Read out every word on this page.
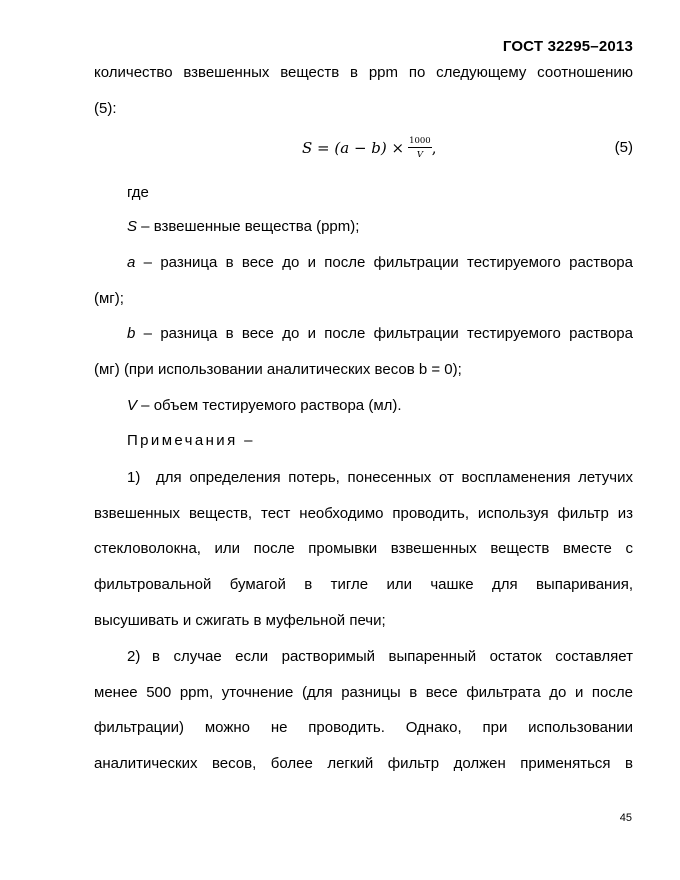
ГОСТ 32295–2013
количество взвешенных веществ в ppm по следующему соотношению
(5):
$S = (a - b) \times \frac{1000}{V}$ ,	(5)
где
S – взвешенные вещества (ppm);
a – разница в весе до и после фильтрации тестируемого раствора
(мг);
b – разница в весе до и после фильтрации тестируемого раствора
(мг) (при использовании аналитических весов b = 0);
V – объем тестируемого раствора (мл).
Примечания –
1) для определения потерь, понесенных от воспламенения летучих
взвешенных веществ, тест необходимо проводить, используя фильтр из
стекловолокна, или после промывки взвешенных веществ вместе с
фильтровальной бумагой в тигле или чашке для выпаривания,
высушивать и сжигать в муфельной печи;
2) в случае если растворимый выпаренный остаток составляет
менее 500 ppm, уточнение (для разницы в весе фильтрата до и после
фильтрации) можно не проводить. Однако, при использовании
аналитических весов, более легкий фильтр должен применяться в
45
